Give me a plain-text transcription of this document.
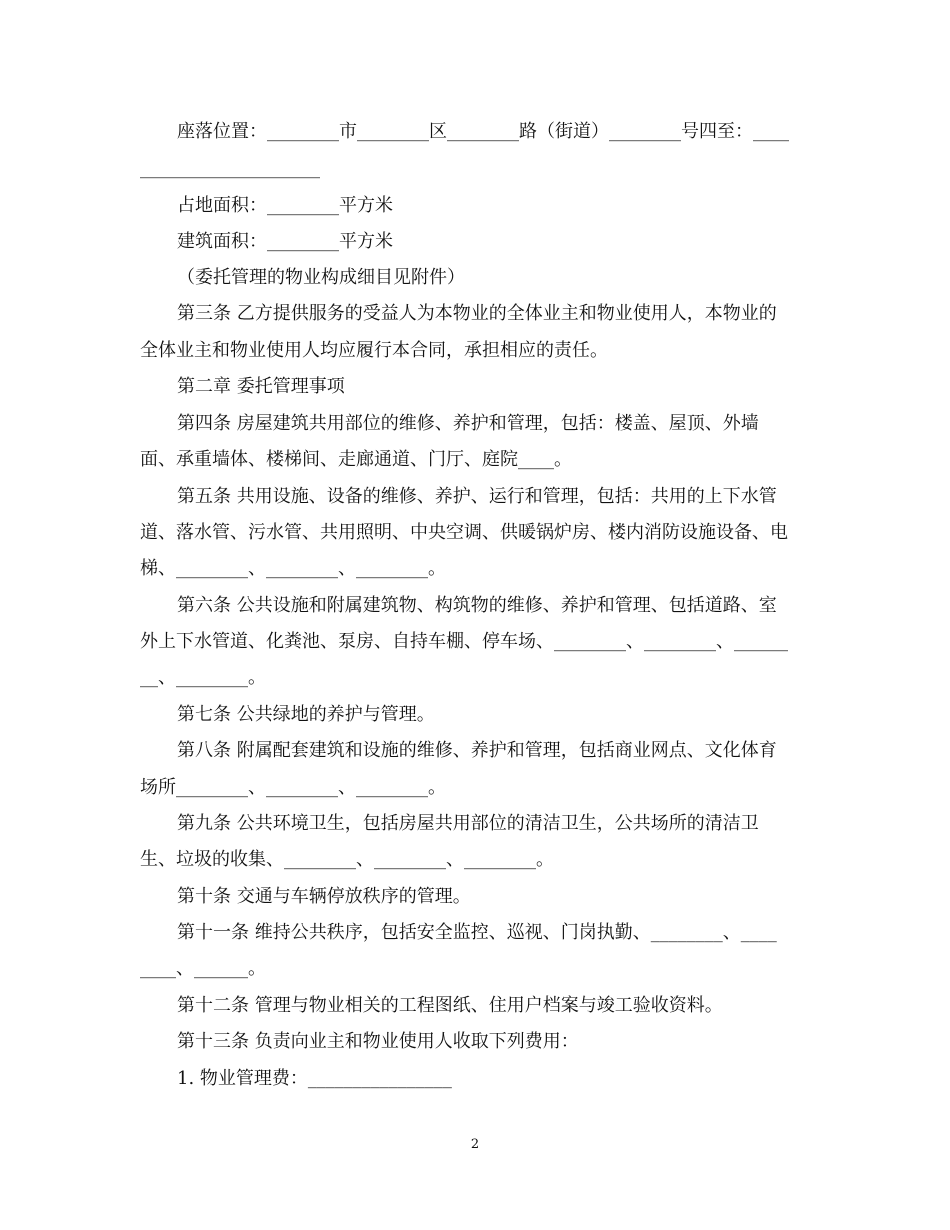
座落位置：________市________区________路（街道）________号四至：____
____________________
占地面积：________平方米
建筑面积：________平方米
（委托管理的物业构成细目见附件）
第三条 乙方提供服务的受益人为本物业的全体业主和物业使用人，本物业的
全体业主和物业使用人均应履行本合同，承担相应的责任。
第二章 委托管理事项
第四条 房屋建筑共用部位的维修、养护和管理，包括：楼盖、屋顶、外墙
面、承重墙体、楼梯间、走廊通道、门厅、庭院____。
第五条 共用设施、设备的维修、养护、运行和管理，包括：共用的上下水管
道、落水管、污水管、共用照明、中央空调、供暖锅炉房、楼内消防设施设备、电
梯、________、________、________。
第六条 公共设施和附属建筑物、构筑物的维修、养护和管理、包括道路、室
外上下水管道、化粪池、泵房、自持车棚、停车场、________、________、______
__、________。
第七条 公共绿地的养护与管理。
第八条 附属配套建筑和设施的维修、养护和管理，包括商业网点、文化体育
场所________、________、________。
第九条 公共环境卫生，包括房屋共用部位的清洁卫生，公共场所的清洁卫
生、垃圾的收集、________、________、________。
第十条 交通与车辆停放秩序的管理。
第十一条 维持公共秩序，包括安全监控、巡视、门岗执勤、________、____
____、______。
第十二条 管理与物业相关的工程图纸、住用户档案与竣工验收资料。
第十三条 负责向业主和物业使用人收取下列费用：
1. 物业管理费：________________
2
